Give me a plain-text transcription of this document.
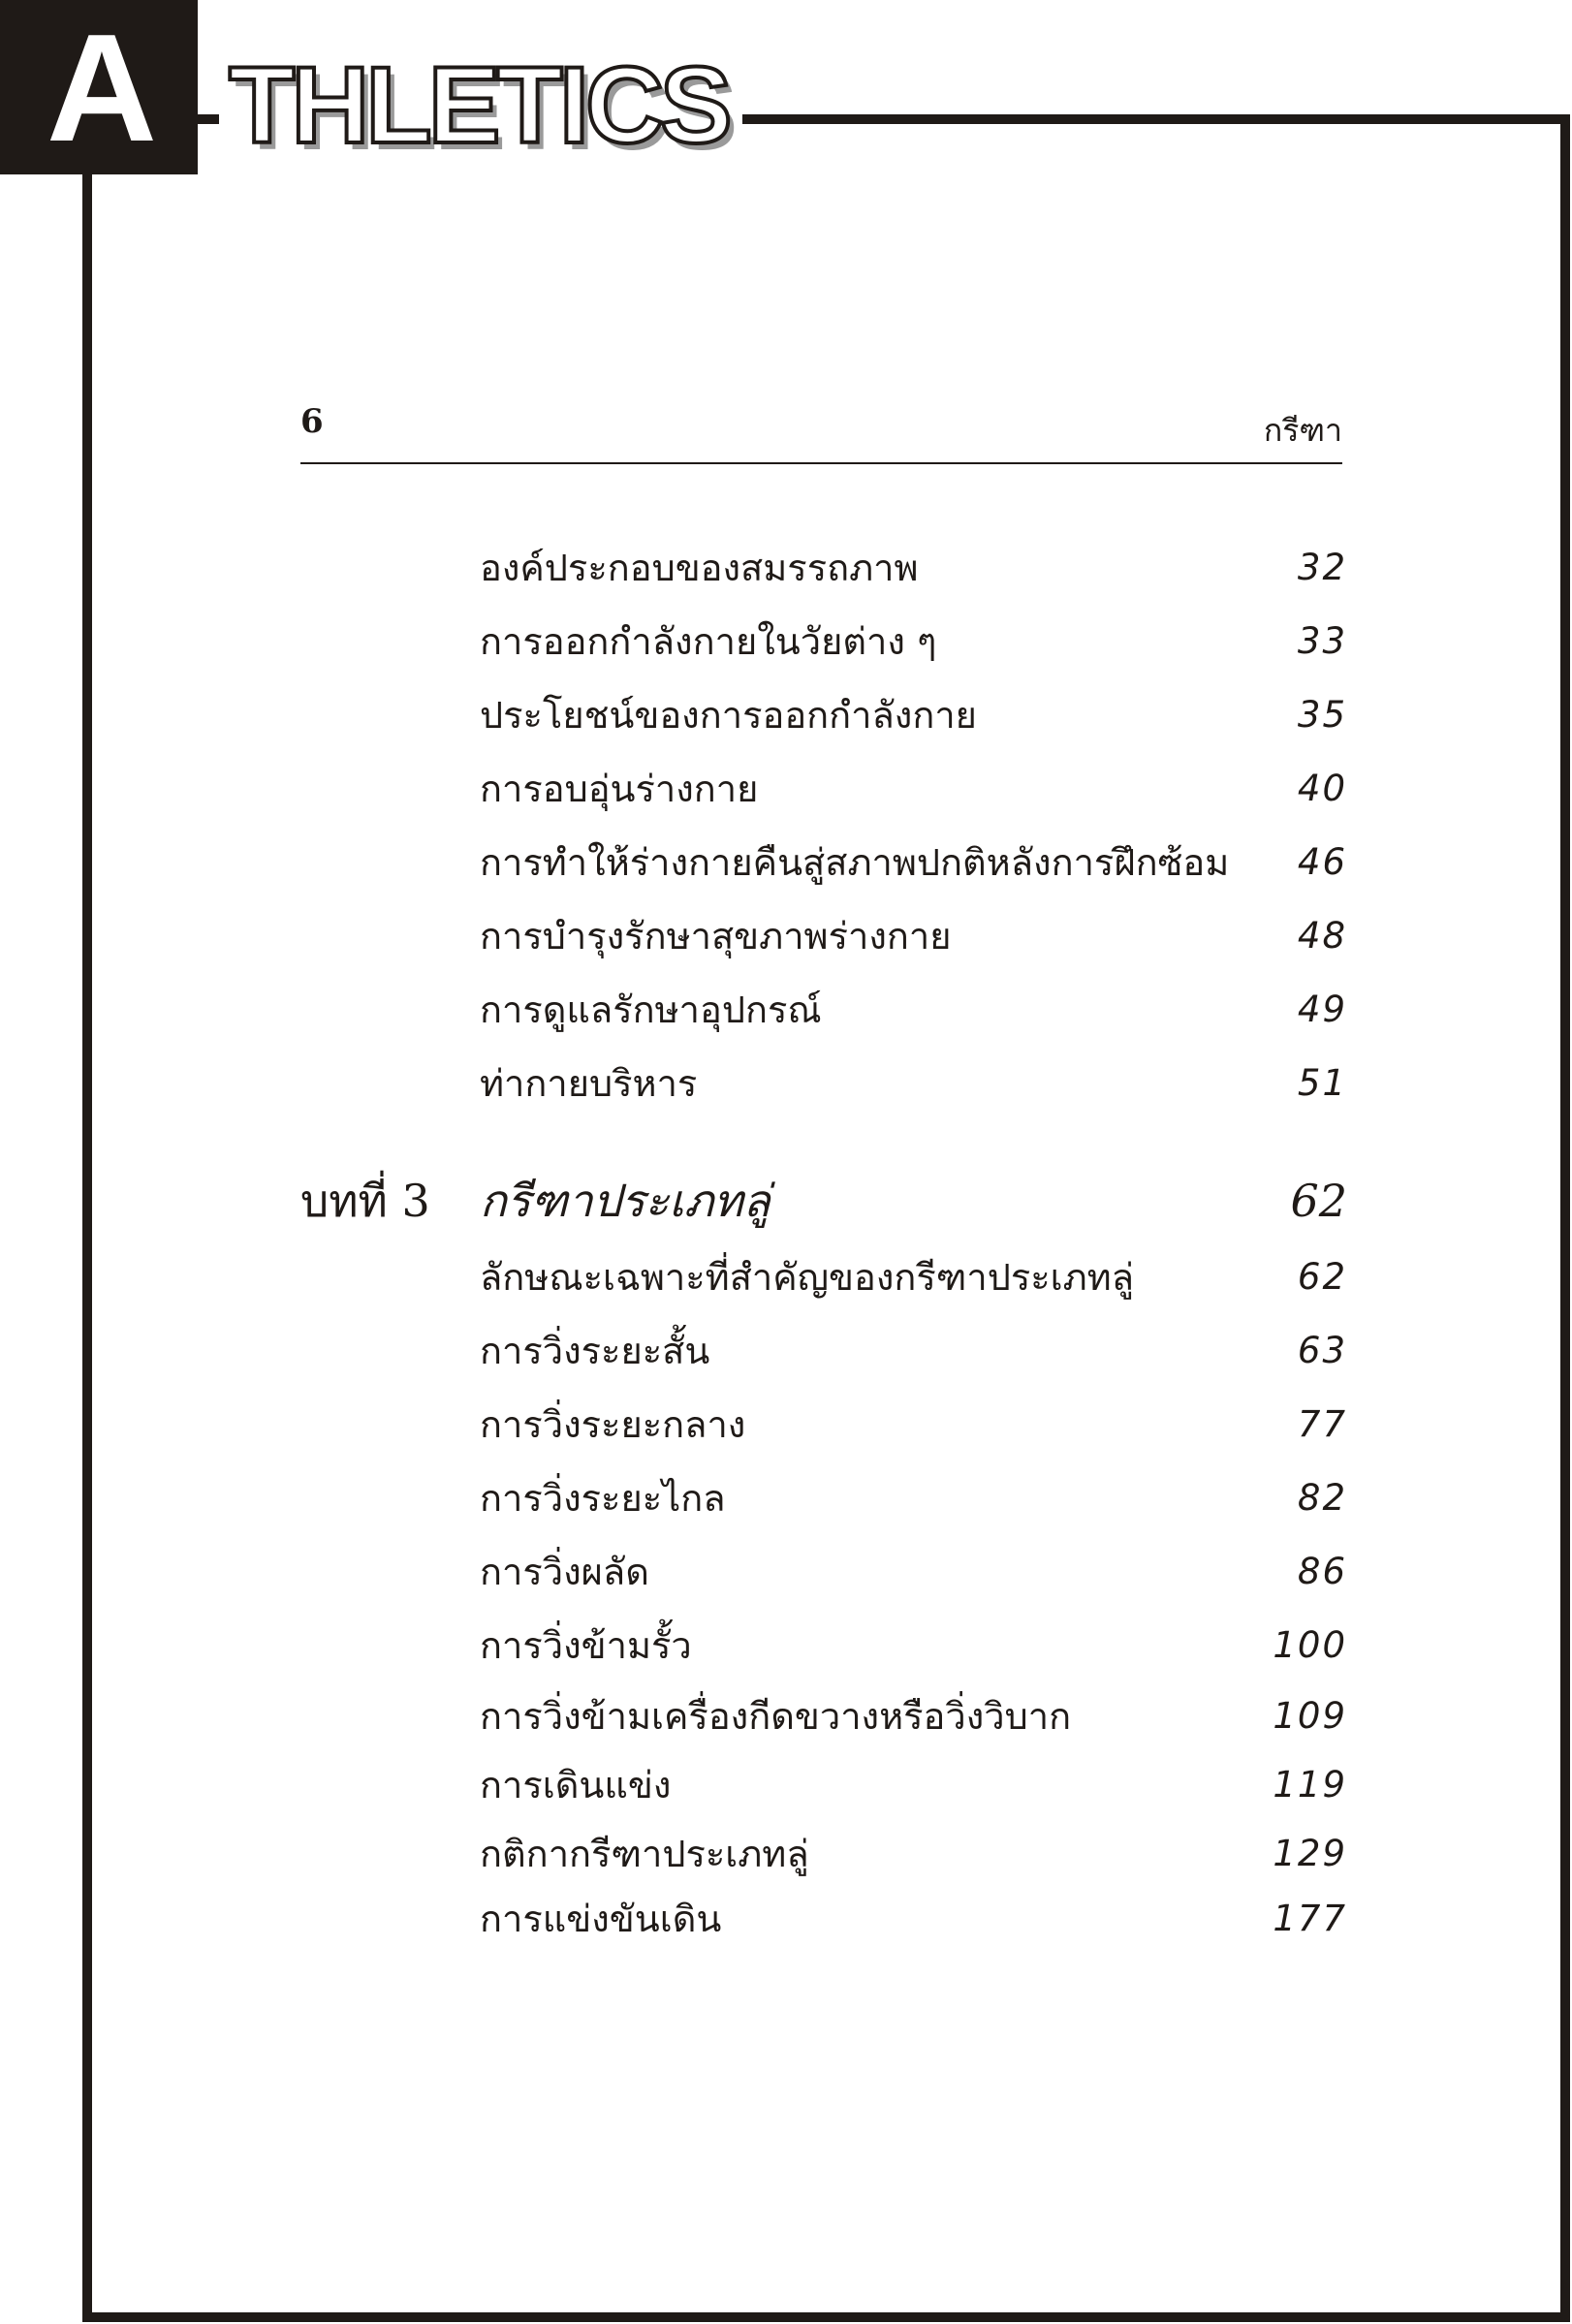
A THLETICS
6	กรีฑา
องค์ประกอบของสมรรถภาพ	32
การออกกำลังกายในวัยต่าง ๆ	33
ประโยชน์ของการออกกำลังกาย	35
การอบอุ่นร่างกาย	40
การทำให้ร่างกายคืนสู่สภาพปกติหลังการฝึกซ้อม 46
การบำรุงรักษาสุขภาพร่างกาย	48
การดูแลรักษาอุปกรณ์	49
ท่ากายบริหาร	51
บทที่ 3 กรีฑาประเภทลู่	62
ลักษณะเฉพาะที่สำคัญของกรีฑาประเภทลู่	62
การวิ่งระยะสั้น	63
การวิ่งระยะกลาง	77
การวิ่งระยะไกล	82
การวิ่งผลัด	86
การวิ่งข้ามรั้ว	100
การวิ่งข้ามเครื่องกีดขวางหรือวิ่งวิบาก	109
การเดินแข่ง	119
กติกากรีฑาประเภทลู่	129
การแข่งขันเดิน	177
